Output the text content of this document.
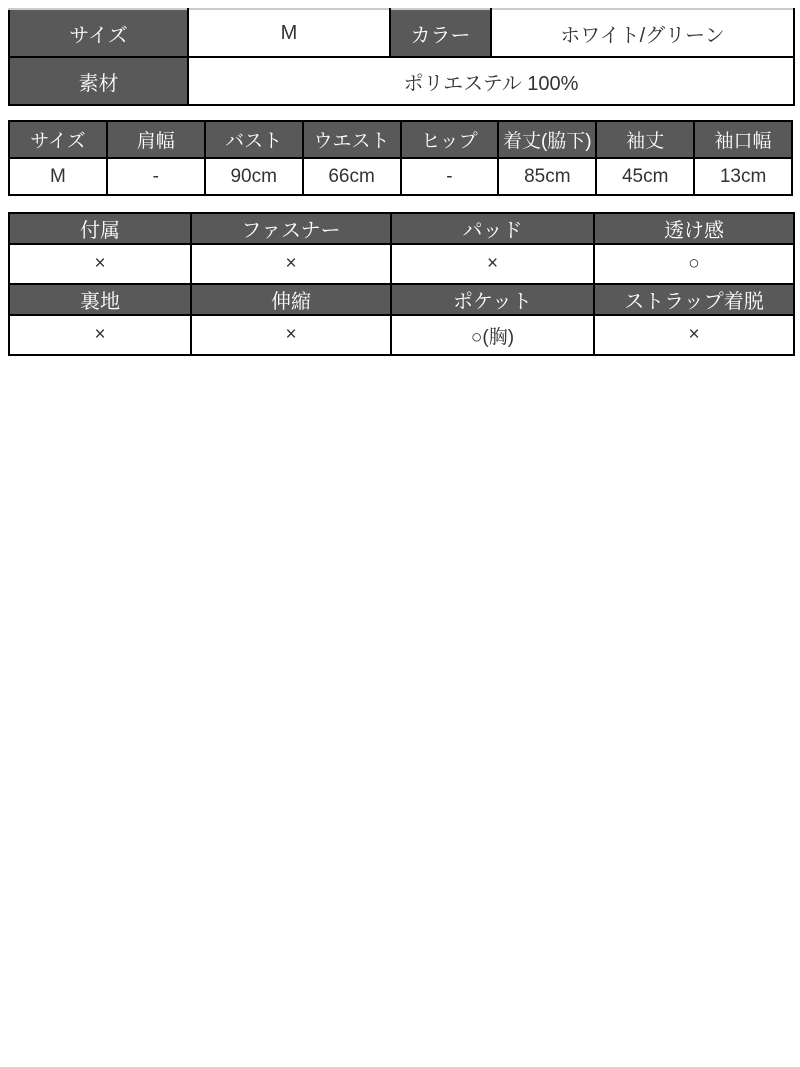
サイズ	M	カラー	ホワイト/グリーン
素材	ポリエステル 100%		
サイズ	肩幅	バスト	ウエスト	ヒップ	着丈(脇下)	袖丈	袖口幅
M	-	90cm	66cm	-	85cm	45cm	13cm
付属	ファスナー	パッド	透け感
×	×	×	○
裏地	伸縮	ポケット	ストラップ着脱
×	×	○(胸)	×
